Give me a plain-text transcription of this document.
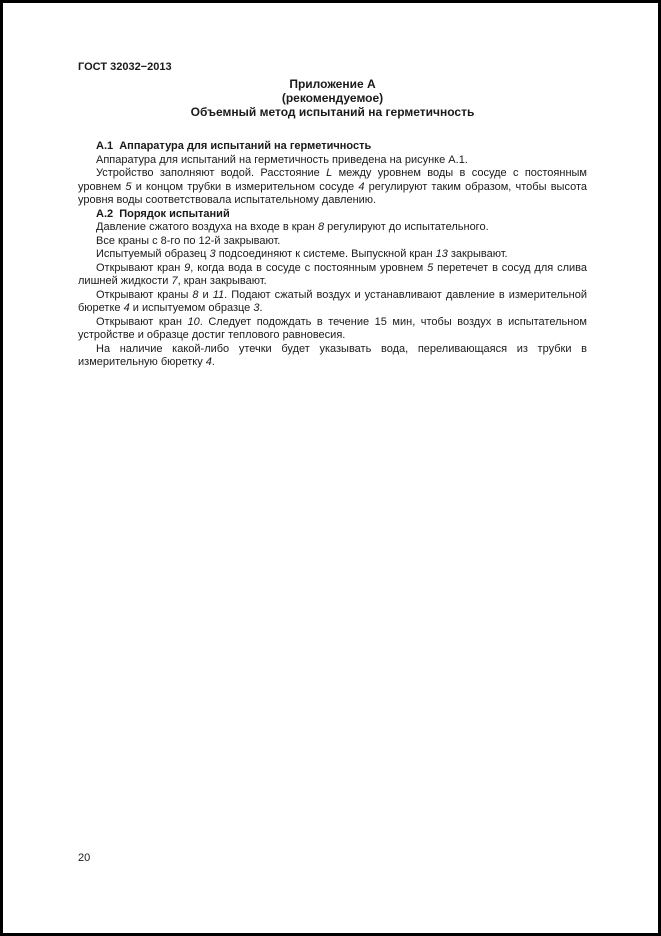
ГОСТ 32032−2013
Приложение А
(рекомендуемое)
Объемный метод испытаний на герметичность

А.1  Аппаратура для испытаний на герметичность

Аппаратура для испытаний на герметичность приведена на рисунке А.1.

Устройство заполняют водой. Расстояние L между уровнем воды в сосуде с постоянным уровнем 5 и концом трубки в измерительном сосуде 4 регулируют таким образом, чтобы высота уровня воды соответствовала испытательному давлению.

А.2  Порядок испытаний

Давление сжатого воздуха на входе в кран 8 регулируют до испытательного.

Все краны с 8-го по 12-й закрывают.

Испытуемый образец 3 подсоединяют к системе. Выпускной кран 13 закрывают.

Открывают кран 9, когда вода в сосуде с постоянным уровнем 5 перетечет в сосуд для слива лишней жидкости 7, кран закрывают.

Открывают краны 8 и 11. Подают сжатый воздух и устанавливают давление в измерительной бюретке 4 и испытуемом образце 3.

Открывают кран 10. Следует подождать в течение 15 мин, чтобы воздух в испытательном устройстве и образце достиг теплового равновесия.

На наличие какой-либо утечки будет указывать вода, переливающаяся из трубки в измерительную бюретку 4.

20
